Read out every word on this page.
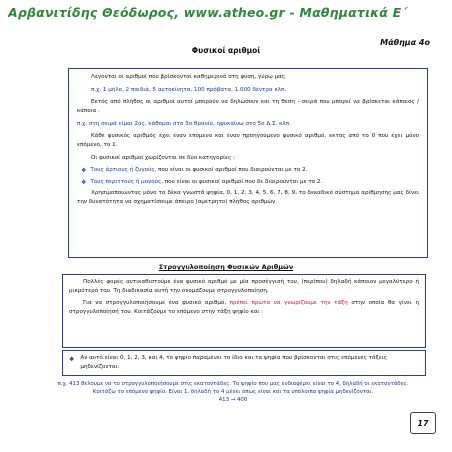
Αρβανιτίδης Θεόδωρος, www.atheo.gr - Μαθηματικά Ε΄
Μάθημα 4ο
Φυσικοί αριθμοί

Λέγονται οι αριθμοί που βρίσκονται καθημερινά στη φύση, γύρω μας.

π.χ. 1 μήλο, 2 παιδιά, 5 αυτοκίνητα, 100 πρόβατα, 1.000 δέντρα κλπ.

Εκτός από πλήθος οι αριθμοί αυτοί μπορούν να δηλώσουν και τη θέση - σειρά που μπορεί να βρίσκεται κάποιος / κάποια .

π.χ. στη σειρά είμαι 2ος, κάθομαι στο 3ο θρανίο, ηφυκαίνω στο 5ο Δ.Σ. κλπ.

Κάθε φυσικός αριθμός έχει έναν επόμενο και έναν προηγούμενο φυσικό αριθμό, εκτός από το 0 που έχει μόνο επόμενο, το 1.

Οι φυσικοί αριθμοί χωρίζονται σε δύο κατηγορίες :

❖ Τους άρτιους ή ζυγούς, που είναι οι φυσικοί αριθμοί που διαιρούνται με το 2.
❖ Τους περιττούς ή μονούς, που είναι οι φυσικοί αριθμοί που δε διαιρούνται με το 2.

Χρησιμοποιώντας μόνο τα δέκα γνωστά ψηφία, 0, 1, 2, 3, 4, 5, 6, 7, 8, 9, το δεκαδικό σύστημα αρίθμησης μας δίνει την δυνατότητα να σχηματίσουμε άπειρο (αμέτρητο) πλήθος αριθμών.

Στρογγυλοποίηση Φυσικών Αριθμών

Πολλές φορές αντικαθιστούμε ένα φυσικό αριθμό με μία προσέγγισή του, (περίπου) δηλαδή κάποιον μεγαλύτερο ή μικρότερό του. Τη διαδικασία αυτή την ονομάζουμε στρογγυλοποίηση.

Για να στρογγυλοποιήσουμε ένα φυσικό αριθμό, πρέπει πρώτα να γνωρίζουμε την τάξη στην οποία θα γίνει η στρογγυλοποίησή του. Κοιτάζουμε το επόμενο στην τάξη ψηφίο και :

❖ Αν αυτό είναι 0, 1, 2, 3, και 4, το ψηφίο παραμένει το ίδιο και τα ψηφία που βρίσκονται στις επόμενες τάξεις μηδενίζονται.
π.χ. 413 θέλουμε να το στρογγυλοποιήσουμε στις εκατοντάδες. Το ψηφίο που μας ενδιαφέρει είναι το 4, δηλαδή οι εκατοντάδες. Κοιτάζω το επόμενο ψηφίο. Είναι 1, δηλαδή το 4 μένει όπως είναι και τα υπόλοιπα ψηφία μηδενίζονται.
413 → 400
17
